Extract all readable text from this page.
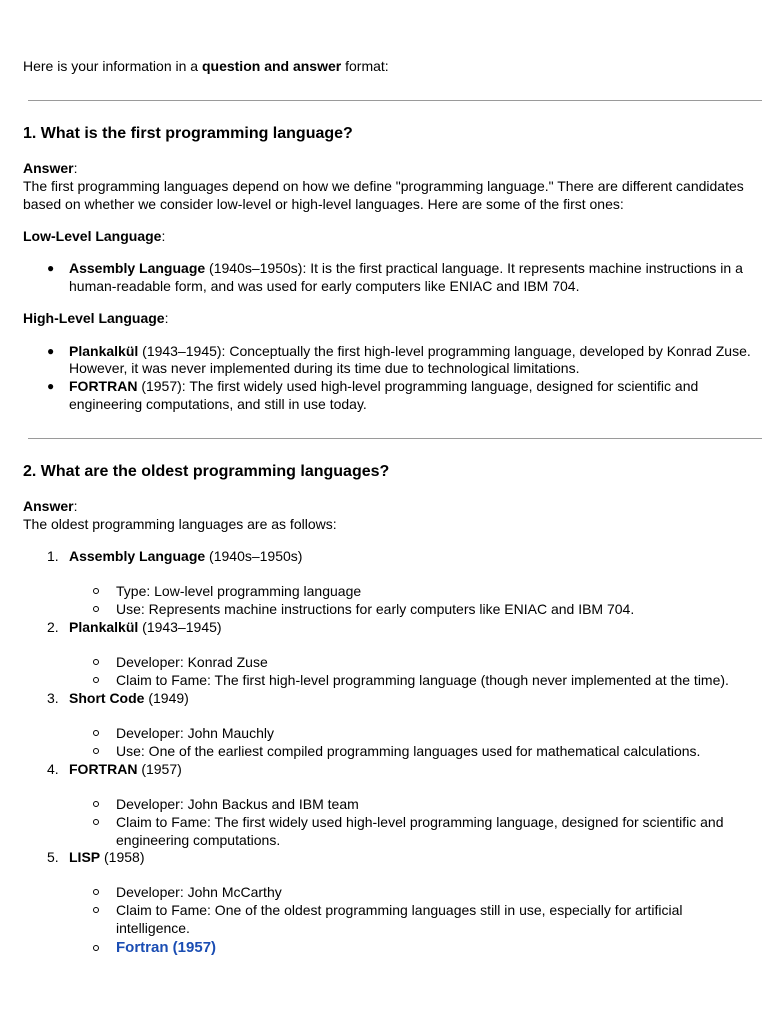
Here is your information in a question and answer format:
1. What is the first programming language?
Answer:
The first programming languages depend on how we define "programming language." There are different candidates
based on whether we consider low-level or high-level languages. Here are some of the first ones:
Low-Level Language:
● Assembly Language (1940s–1950s): It is the first practical language. It represents machine instructions in a
human-readable form, and was used for early computers like ENIAC and IBM 704.
High-Level Language:
● Plankalkül (1943–1945): Conceptually the first high-level programming language, developed by Konrad Zuse.
However, it was never implemented during its time due to technological limitations.
● FORTRAN (1957): The first widely used high-level programming language, designed for scientific and
engineering computations, and still in use today.
2. What are the oldest programming languages?
Answer:
The oldest programming languages are as follows:
1. Assembly Language (1940s–1950s)
Type: Low-level programming language
Use: Represents machine instructions for early computers like ENIAC and IBM 704.
2. Plankalkül (1943–1945)
Developer: Konrad Zuse
Claim to Fame: The first high-level programming language (though never implemented at the time).
3. Short Code (1949)
Developer: John Mauchly
Use: One of the earliest compiled programming languages used for mathematical calculations.
4. FORTRAN (1957)
Developer: John Backus and IBM team
Claim to Fame: The first widely used high-level programming language, designed for scientific and
engineering computations.
5. LISP (1958)
Developer: John McCarthy
Claim to Fame: One of the oldest programming languages still in use, especially for artificial
intelligence.
Fortran (1957)
